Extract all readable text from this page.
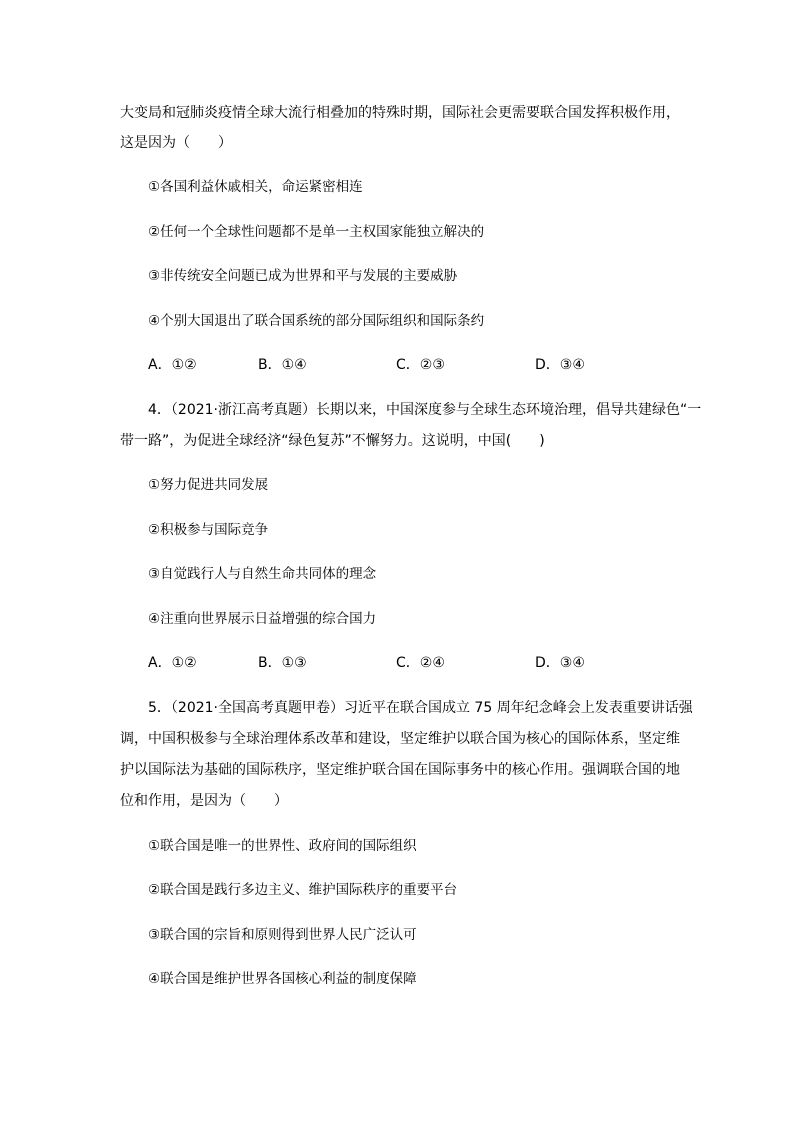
大变局和冠肺炎疫情全球大流行相叠加的特殊时期，国际社会更需要联合国发挥积极作用，
这是因为（　　）
①各国利益休戚相关，命运紧密相连
②任何一个全球性问题都不是单一主权国家能独立解决的
③非传统安全问题已成为世界和平与发展的主要威胁
④个别大国退出了联合国系统的部分国际组织和国际条约
A．①②	B．①④	C．②③	D．③④
4．（2021·浙江高考真题）长期以来，中国深度参与全球生态环境治理，倡导共建绿色“一
带一路”，为促进全球经济“绿色复苏”不懈努力。这说明，中国(　　)
①努力促进共同发展
②积极参与国际竞争
③自觉践行人与自然生命共同体的理念
④注重向世界展示日益增强的综合国力
A．①②	B．①③	C．②④	D．③④
5．（2021·全国高考真题甲卷）习近平在联合国成立 75 周年纪念峰会上发表重要讲话强
调，中国积极参与全球治理体系改革和建设，坚定维护以联合国为核心的国际体系，坚定维
护以国际法为基础的国际秩序，坚定维护联合国在国际事务中的核心作用。强调联合国的地
位和作用，是因为（　　）
①联合国是唯一的世界性、政府间的国际组织
②联合国是践行多边主义、维护国际秩序的重要平台
③联合国的宗旨和原则得到世界人民广泛认可
④联合国是维护世界各国核心利益的制度保障
